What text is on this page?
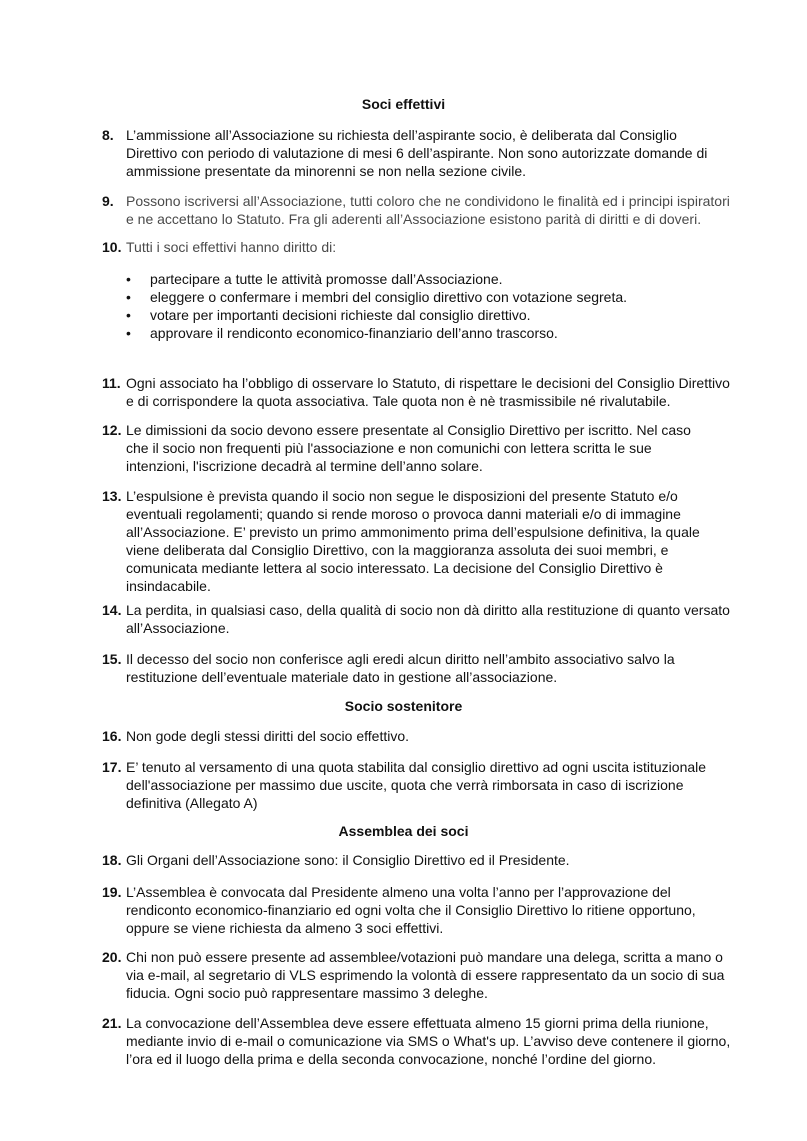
Soci effettivi
8. L’ammissione all’Associazione su richiesta dell’aspirante socio, è deliberata dal Consiglio
Direttivo con periodo di valutazione di mesi 6 dell’aspirante. Non sono autorizzate domande di
ammissione presentate da minorenni se non nella sezione civile.
9. Possono iscriversi all’Associazione, tutti coloro che ne condividono le finalità ed i principi ispiratori
e ne accettano lo Statuto. Fra gli aderenti all’Associazione esistono parità di diritti e di doveri.
10. Tutti i soci effettivi hanno diritto di:
• partecipare a tutte le attività promosse dall’Associazione.
• eleggere o confermare i membri del consiglio direttivo con votazione segreta.
• votare per importanti decisioni richieste dal consiglio direttivo.
• approvare il rendiconto economico-finanziario dell’anno trascorso.
11. Ogni associato ha l’obbligo di osservare lo Statuto, di rispettare le decisioni del Consiglio Direttivo
e di corrispondere la quota associativa. Tale quota non è nè trasmissibile né rivalutabile.
12. Le dimissioni da socio devono essere presentate al Consiglio Direttivo per iscritto. Nel caso
che il socio non frequenti più l'associazione e non comunichi con lettera scritta le sue
intenzioni, l'iscrizione decadrà al termine dell’anno solare.
13. L’espulsione è prevista quando il socio non segue le disposizioni del presente Statuto e/o
eventuali regolamenti; quando si rende moroso o provoca danni materiali e/o di immagine
all’Associazione. E’ previsto un primo ammonimento prima dell’espulsione definitiva, la quale
viene deliberata dal Consiglio Direttivo, con la maggioranza assoluta dei suoi membri, e
comunicata mediante lettera al socio interessato. La decisione del Consiglio Direttivo è
insindacabile.
14. La perdita, in qualsiasi caso, della qualità di socio non dà diritto alla restituzione di quanto versato
all’Associazione.
15. Il decesso del socio non conferisce agli eredi alcun diritto nell’ambito associativo salvo la
restituzione dell’eventuale materiale dato in gestione all’associazione.
Socio sostenitore
16. Non gode degli stessi diritti del socio effettivo.
17. E’ tenuto al versamento di una quota stabilita dal consiglio direttivo ad ogni uscita istituzionale
dell'associazione per massimo due uscite, quota che verrà rimborsata in caso di iscrizione
definitiva (Allegato A)
Assemblea dei soci
18. Gli Organi dell’Associazione sono: il Consiglio Direttivo ed il Presidente.
19. L’Assemblea è convocata dal Presidente almeno una volta l’anno per l’approvazione del
rendiconto economico-finanziario ed ogni volta che il Consiglio Direttivo lo ritiene opportuno,
oppure se viene richiesta da almeno 3 soci effettivi.
20. Chi non può essere presente ad assemblee/votazioni può mandare una delega, scritta a mano o
via e-mail, al segretario di VLS esprimendo la volontà di essere rappresentato da un socio di sua
fiducia. Ogni socio può rappresentare massimo 3 deleghe.
21. La convocazione dell’Assemblea deve essere effettuata almeno 15 giorni prima della riunione,
mediante invio di e-mail o comunicazione via SMS o What's up. L’avviso deve contenere il giorno,
l’ora ed il luogo della prima e della seconda convocazione, nonché l’ordine del giorno.
